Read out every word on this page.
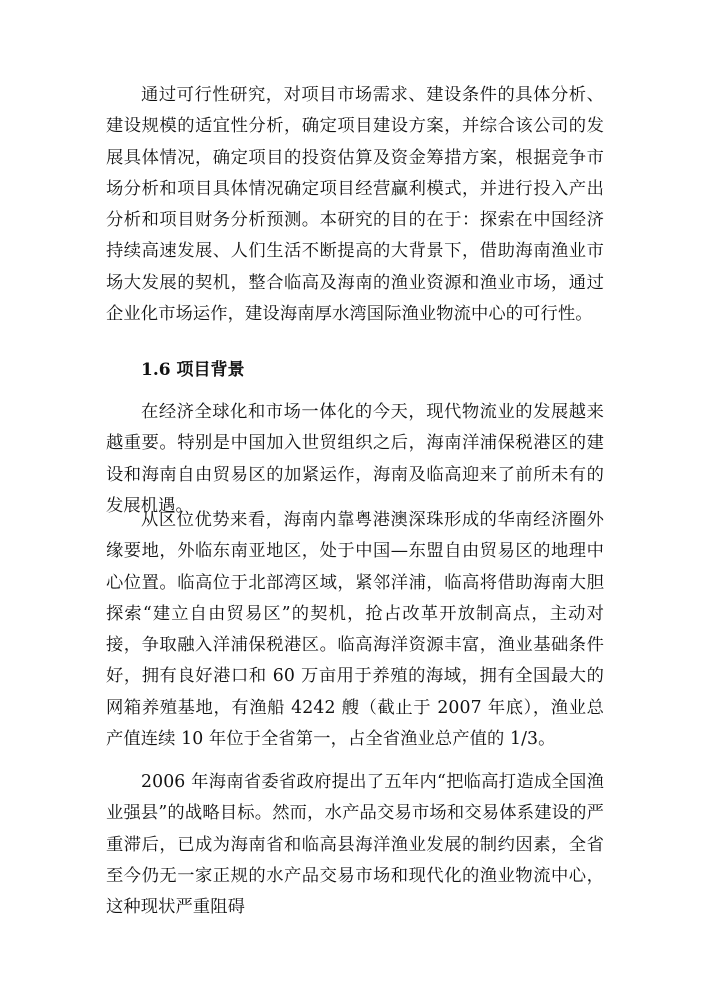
通过可行性研究，对项目市场需求、建设条件的具体分析、建设规模的适宜性分析，确定项目建设方案，并综合该公司的发展具体情况，确定项目的投资估算及资金筹措方案，根据竞争市场分析和项目具体情况确定项目经营赢利模式，并进行投入产出分析和项目财务分析预测。本研究的目的在于：探索在中国经济持续高速发展、人们生活不断提高的大背景下，借助海南渔业市场大发展的契机，整合临高及海南的渔业资源和渔业市场，通过企业化市场运作，建设海南厚水湾国际渔业物流中心的可行性。

1.6 项目背景

在经济全球化和市场一体化的今天，现代物流业的发展越来越重要。特别是中国加入世贸组织之后，海南洋浦保税港区的建设和海南自由贸易区的加紧运作，海南及临高迎来了前所未有的发展机遇。

从区位优势来看，海南内靠粤港澳深珠形成的华南经济圈外缘要地，外临东南亚地区，处于中国—东盟自由贸易区的地理中心位置。临高位于北部湾区域，紧邻洋浦，临高将借助海南大胆探索“建立自由贸易区”的契机，抢占改革开放制高点，主动对接，争取融入洋浦保税港区。临高海洋资源丰富，渔业基础条件好，拥有良好港口和 60 万亩用于养殖的海域，拥有全国最大的网箱养殖基地，有渔船 4242 艘（截止于 2007 年底），渔业总产值连续 10 年位于全省第一，占全省渔业总产值的 1/3。

2006 年海南省委省政府提出了五年内“把临高打造成全国渔业强县”的战略目标。然而，水产品交易市场和交易体系建设的严重滞后，已成为海南省和临高县海洋渔业发展的制约因素，全省至今仍无一家正规的水产品交易市场和现代化的渔业物流中心，这种现状严重阻碍
